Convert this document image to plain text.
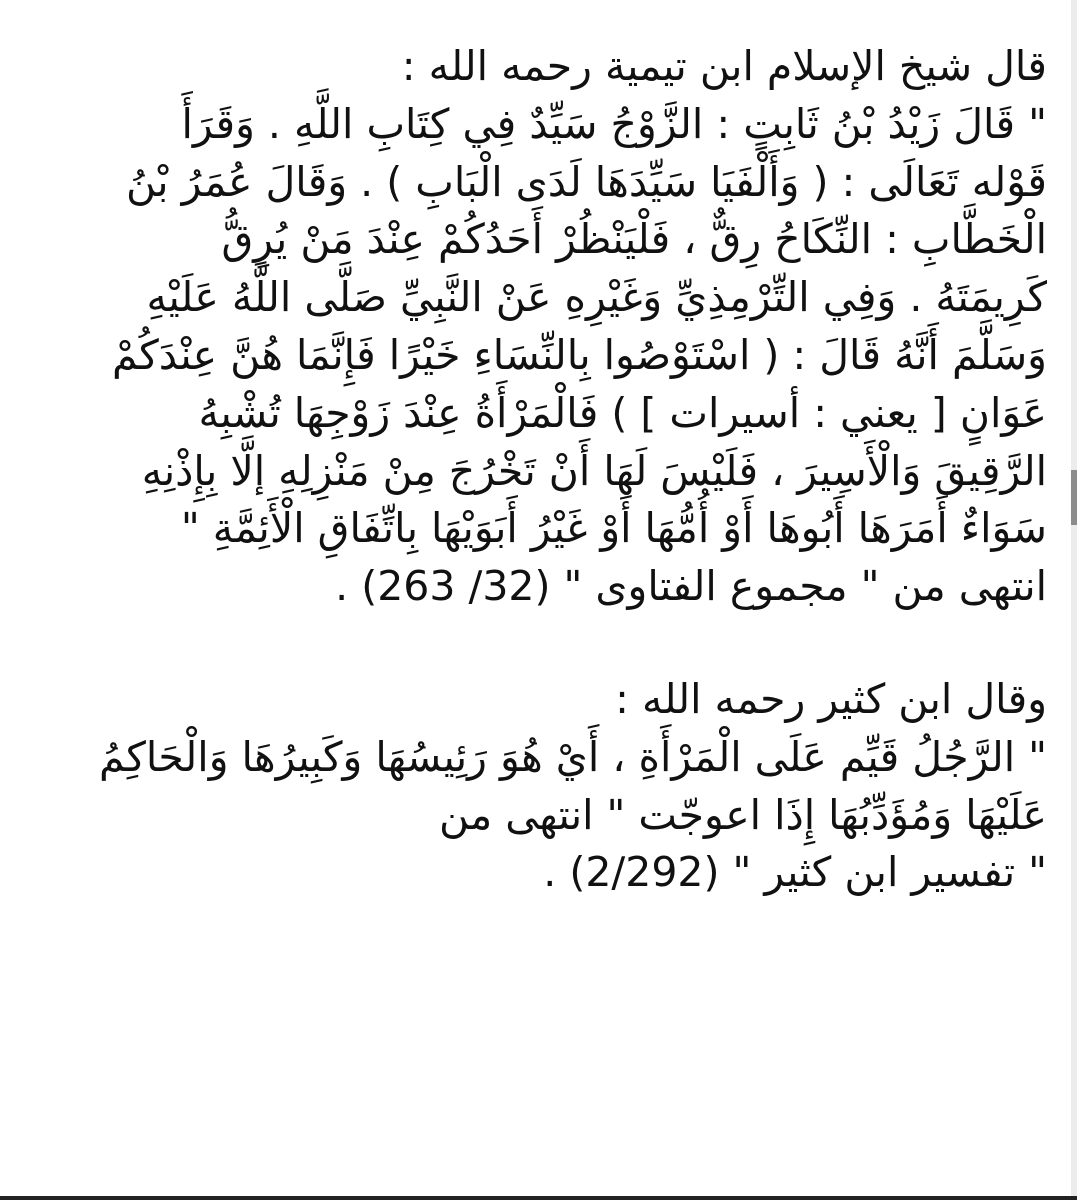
قال شيخ الإسلام ابن تيمية رحمه الله :
" قَالَ زَيْدُ بْنُ ثَابِتٍ : الزَّوْجُ سَيِّدٌ فِي كِتَابِ اللَّهِ . وَقَرَأَ
قَوْله تَعَالَى : ( وَأَلْفَيَا سَيِّدَهَا لَدَى الْبَابِ ) . وَقَالَ عُمَرُ بْنُ
الْخَطَّابِ : النِّكَاحُ رِقٌّ ، فَلْيَنْظُرْ أَحَدُكُمْ عِنْدَ مَنْ يُرِقُّ
كَرِيمَتَهُ . وَفِي التِّرْمِذِيِّ وَغَيْرِهِ عَنْ النَّبِيِّ صَلَّى اللَّهُ عَلَيْهِ
وَسَلَّمَ أَنَّهُ قَالَ : ( اسْتَوْصُوا بِالنِّسَاءِ خَيْرًا فَإِنَّمَا هُنَّ عِنْدَكُمْ
عَوَانٍ [ يعني : أسيرات ] ) فَالْمَرْأَةُ عِنْدَ زَوْجِهَا تُشْبِهُ
الرَّقِيقَ وَالْأَسِيرَ ، فَلَيْسَ لَهَا أَنْ تَخْرُجَ مِنْ مَنْزِلِهِ إلَّا بِإِذْنِهِ
سَوَاءٌ أَمَرَهَا أَبُوهَا أَوْ أُمُّهَا أَوْ غَيْرُ أَبَوَيْهَا بِاتِّفَاقِ الْأَئِمَّةِ "
انتهى من " مجموع الفتاوى " (32/ 263) .
وقال ابن كثير رحمه الله :
" الرَّجُلُ قَيِّم عَلَى الْمَرْأَةِ ، أَيْ هُوَ رَئِيسُهَا وَكَبِيرُهَا وَالْحَاكِمُ
عَلَيْهَا وَمُؤَدِّبُهَا إِذَا اعوجّت " انتهى من
" تفسير ابن كثير " (2/292) .
